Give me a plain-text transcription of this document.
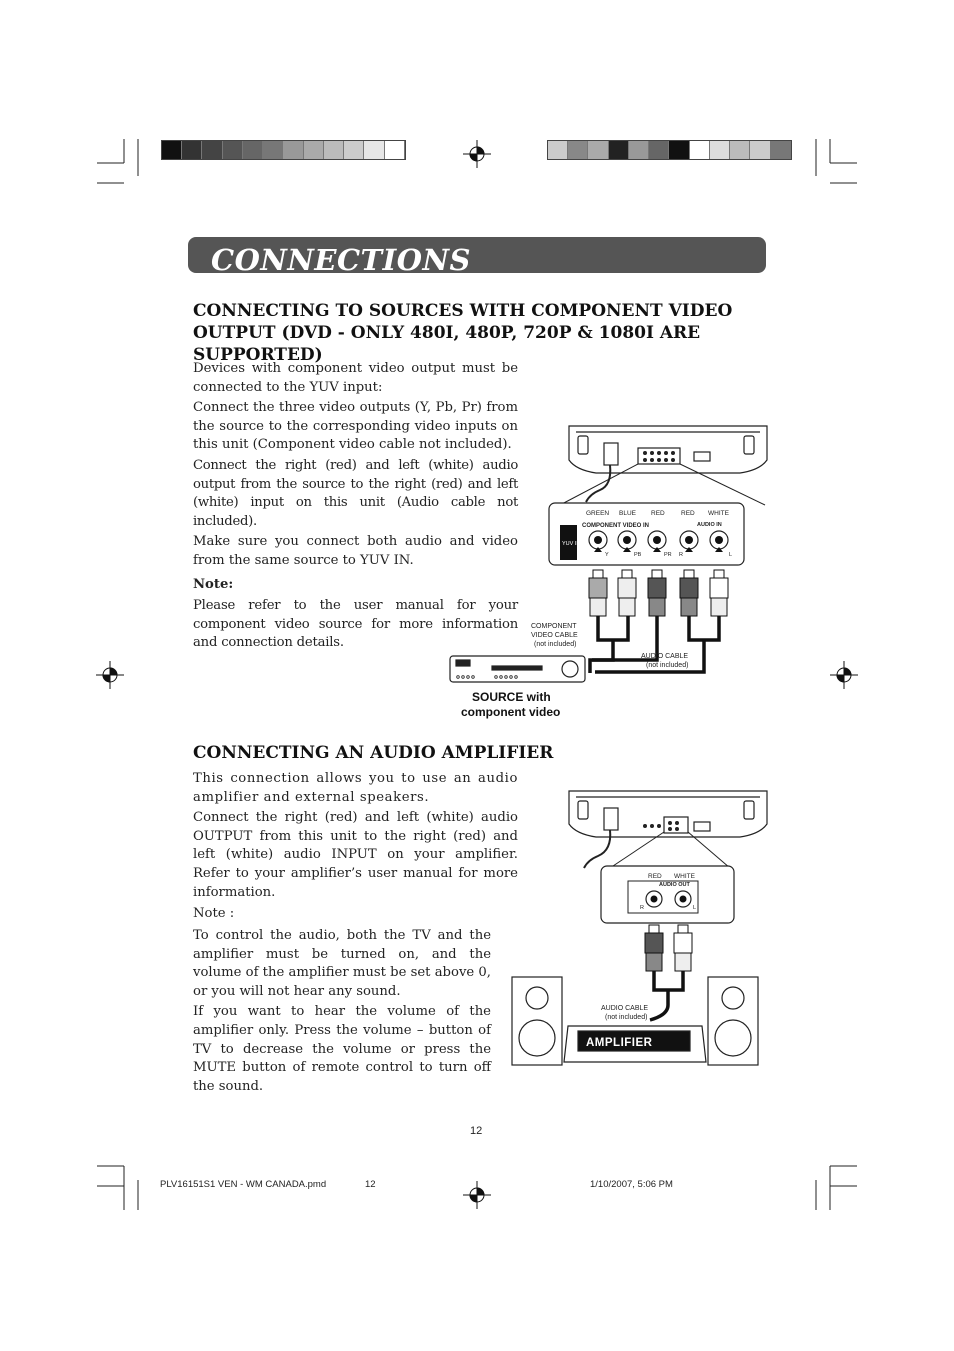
CONNECTIONS
CONNECTING TO SOURCES WITH COMPONENT VIDEO OUTPUT (DVD - ONLY 480I, 480P, 720P & 1080I ARE SUPPORTED)

Devices with component video output must be connected to the YUV input:

Connect the three video outputs (Y, Pb, Pr) from the source to the corresponding video inputs on this unit (Component video cable not included).

Connect the right (red) and left (white) audio output from the source to the right (red) and left (white) input on this unit (Audio cable not included).

Make sure you connect both audio and video from the same source to YUV IN.

Note:

Please refer to the user manual for your component video source for more information and connection details.

GREEN BLUE RED	RED WHITE
COMPONENT VIDEO IN	AUDIO IN
YUV IN
Y	PB	PR R	L
COMPONENT
VIDEO CABLE
(not included)
AUDIO CABLE
(not included)
SOURCE with
component video
CONNECTING AN AUDIO AMPLIFIER

This connection allows you to use an audio amplifier and external speakers.

Connect the right (red) and left (white) audio OUTPUT from this unit to the right (red) and left (white) audio INPUT on your amplifier. Refer to your amplifier’s user manual for more information.

Note :

To control the audio, both the TV and the amplifier must be turned on, and the volume of the amplifier must be set above 0, or you will not hear any sound.

If you want to hear the volume of the amplifier only. Press the volume – button of TV to decrease the volume or press the MUTE button of remote control to turn off the sound.

RED WHITE
AUDIO OUT
R	L
AUDIO CABLE
(not included)
AMPLIFIER
12
PLV16151S1 VEN - WM CANADA.pmd	12	1/10/2007, 5:06 PM
